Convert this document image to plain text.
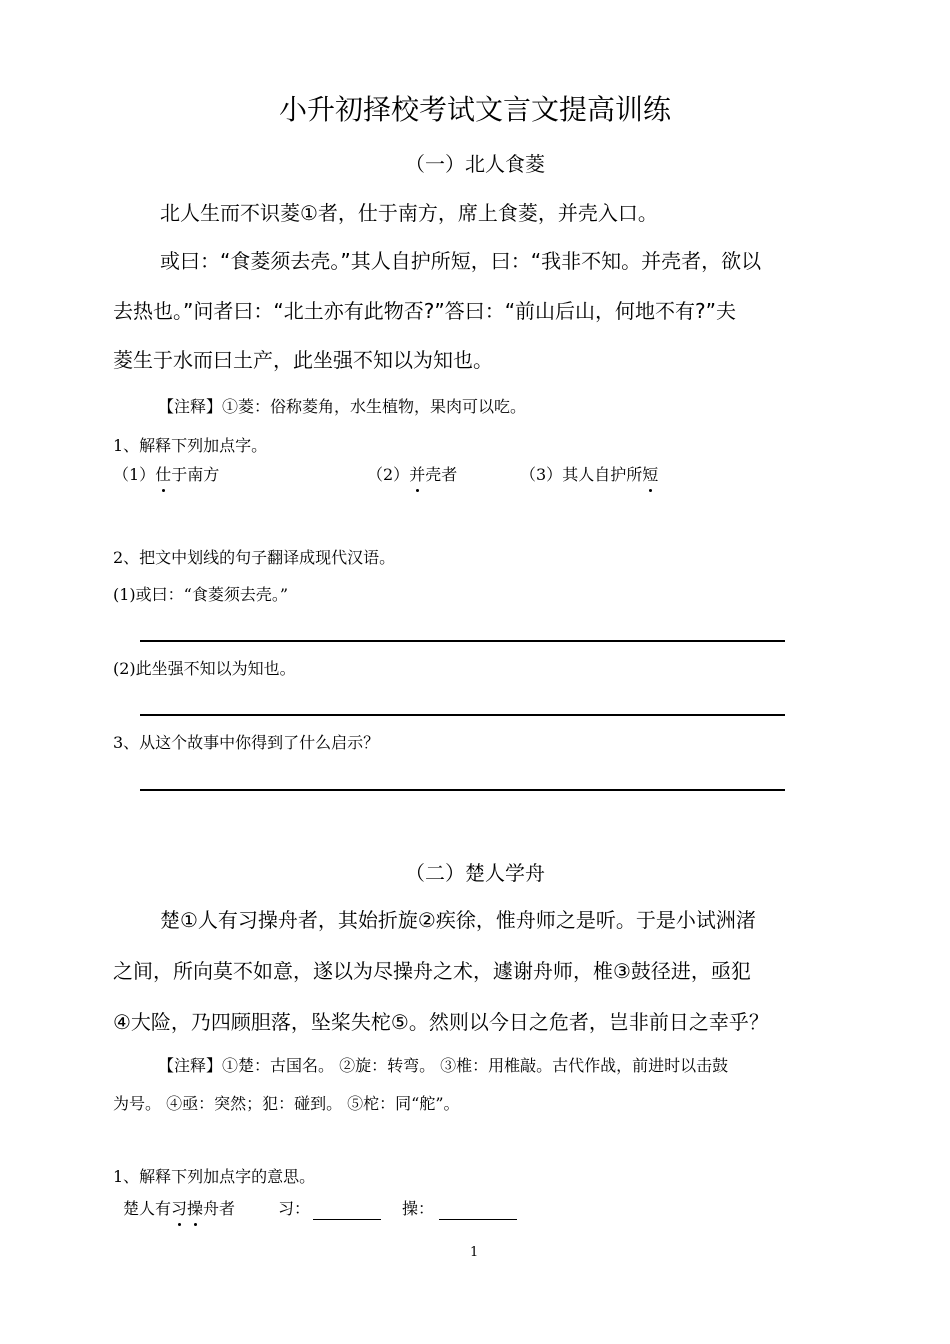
小升初择校考试文言文提高训练
（一）北人食菱
北人生而不识菱①者，仕于南方，席上食菱，并壳入口。
或曰：“食菱须去壳。”其人自护所短，曰：“我非不知。并壳者，欲以
去热也。”问者曰：“北土亦有此物否?”答曰：“前山后山，何地不有?”夫
菱生于水而曰土产，此坐强不知以为知也。
【注释】①菱：俗称菱角，水生植物，果肉可以吃。
1、解释下列加点字。
（1）仕于南方	（2）并壳者	（3）其人自护所短
2、把文中划线的句子翻译成现代汉语。
(1)或曰：“食菱须去壳。”
(2)此坐强不知以为知也。
3、从这个故事中你得到了什么启示？
（二）楚人学舟
楚①人有习操舟者，其始折旋②疾徐，惟舟师之是听。于是小试洲渚
之间，所向莫不如意，遂以为尽操舟之术，遽谢舟师，椎③鼓径进，亟犯
④大险，乃四顾胆落，坠桨失柁⑤。然则以今日之危者，岂非前日之幸乎？
【注释】①楚：古国名。 ②旋：转弯。 ③椎：用椎敲。古代作战，前进时以击鼓
为号。 ④亟：突然；犯：碰到。 ⑤柁：同“舵”。
1、解释下列加点字的意思。
楚人有习操舟者	习：	操：
1
